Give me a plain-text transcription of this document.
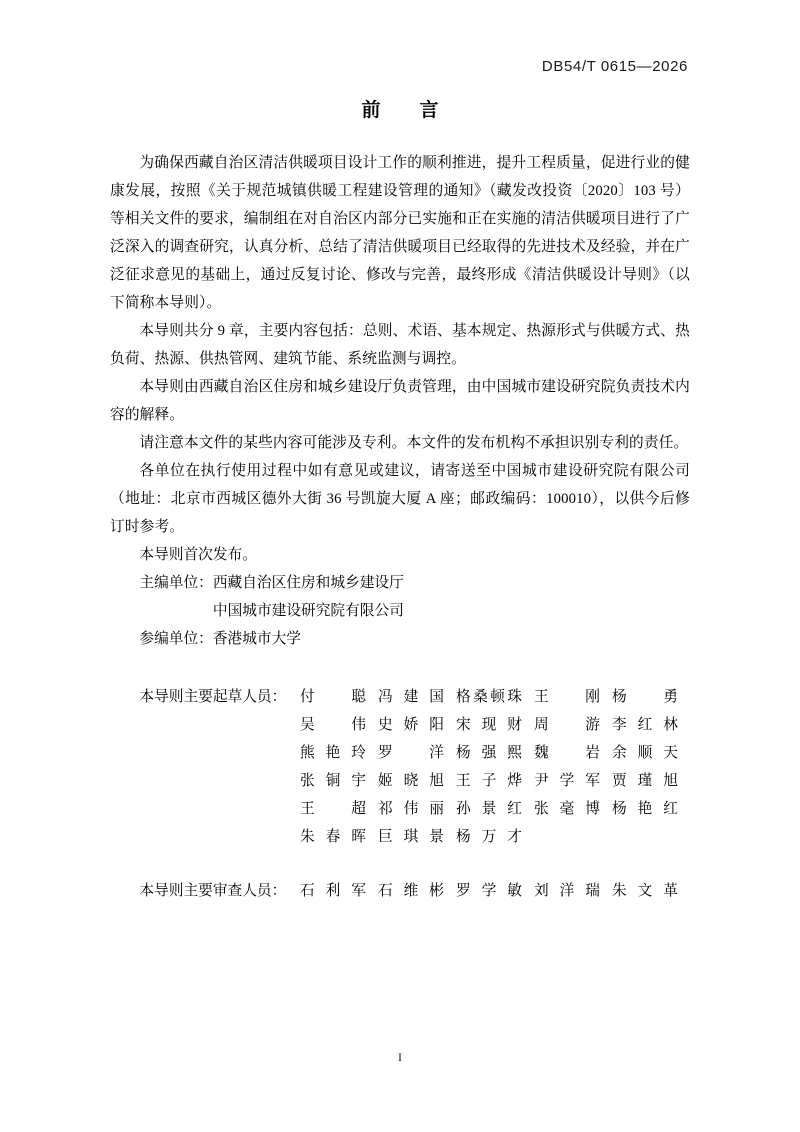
DB54/T 0615—2026
前　言

为确保西藏自治区清洁供暖项目设计工作的顺利推进，提升工程质量，促进行业的健康发展，按照《关于规范城镇供暖工程建设管理的通知》（藏发改投资〔2020〕103 号）等相关文件的要求，编制组在对自治区内部分已实施和正在实施的清洁供暖项目进行了广泛深入的调查研究，认真分析、总结了清洁供暖项目已经取得的先进技术及经验，并在广泛征求意见的基础上，通过反复讨论、修改与完善，最终形成《清洁供暖设计导则》（以下简称本导则）。

本导则共分 9 章，主要内容包括：总则、术语、基本规定、热源形式与供暖方式、热负荷、热源、供热管网、建筑节能、系统监测与调控。

本导则由西藏自治区住房和城乡建设厅负责管理，由中国城市建设研究院负责技术内容的解释。

请注意本文件的某些内容可能涉及专利。本文件的发布机构不承担识别专利的责任。

各单位在执行使用过程中如有意见或建议，请寄送至中国城市建设研究院有限公司（地址：北京市西城区德外大街 36 号凯旋大厦 A 座；邮政编码：100010），以供今后修订时参考。

本导则首次发布。
主编单位：西藏自治区住房和城乡建设厅
中国城市建设研究院有限公司
参编单位：香港城市大学
本导则主要起草人员： 付 聪 冯 建 国 格 桑 顿 珠 王 刚 杨 勇
吴 伟 史 娇 阳 宋 现 财 周 游 李 红 林
熊 艳 玲 罗 洋 杨 强 熙 魏 岩 余 顺 天
张 铜 宇 姬 晓 旭 王 子 烨 尹 学 军 贾 瑾 旭
王 超 祁 伟 丽 孙 景 红 张 毫 博 杨 艳 红
朱 春 晖 巨 琪 景 杨 万 才
本导则主要审查人员： 石 利 军 石 维 彬 罗 学 敏 刘 洋 瑞 朱 文 革
I
